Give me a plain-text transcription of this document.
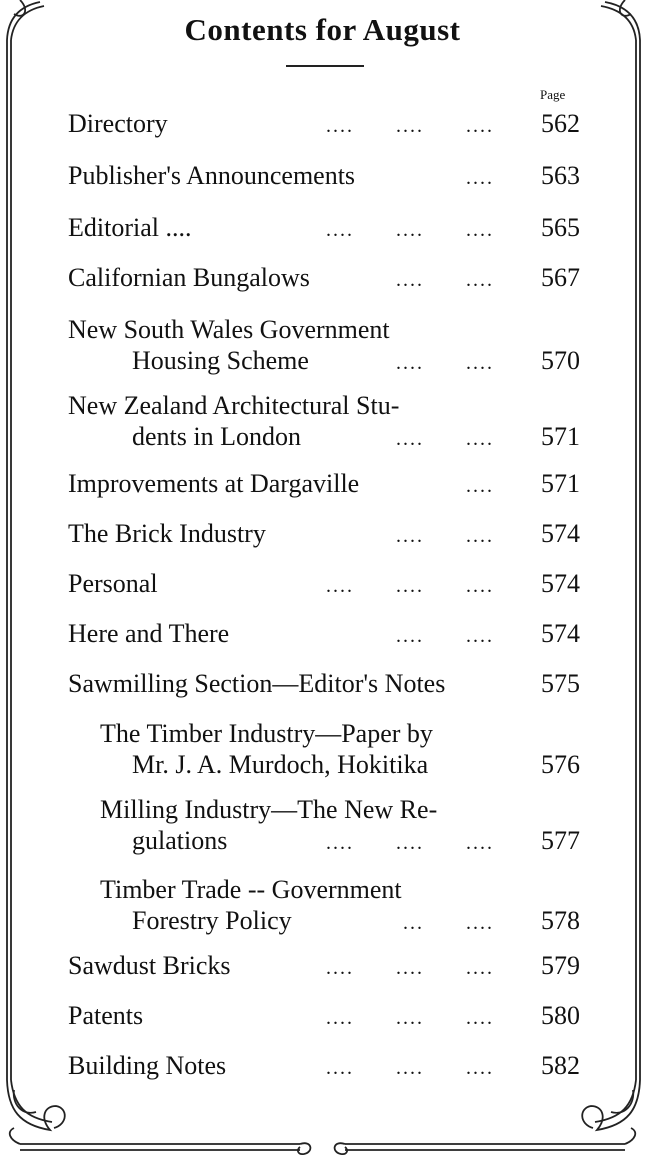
Contents for August
Page
Directory	....      ....      ....	562
Publisher's Announcements	....	563
Editorial ....	....      ....      ....	565
Californian Bungalows	....      ....	567
New South Wales Government
Housing Scheme	....      ....	570
New Zealand Architectural Stu-
dents in London	....      ....	571
Improvements at Dargaville	....	571
The Brick Industry	....      ....	574
Personal	....      ....      ....	574
Here and There	....      ....	574
Sawmilling Section—Editor's Notes	575
The Timber Industry—Paper by
Mr. J. A. Murdoch, Hokitika	576
Milling Industry—The New Re-
gulations	....      ....      ....	577
Timber Trade -- Government
Forestry Policy	...      ....	578
Sawdust Bricks	....      ....      ....	579
Patents	....      ....      ....	580
Building Notes	....      ....      ....	582
